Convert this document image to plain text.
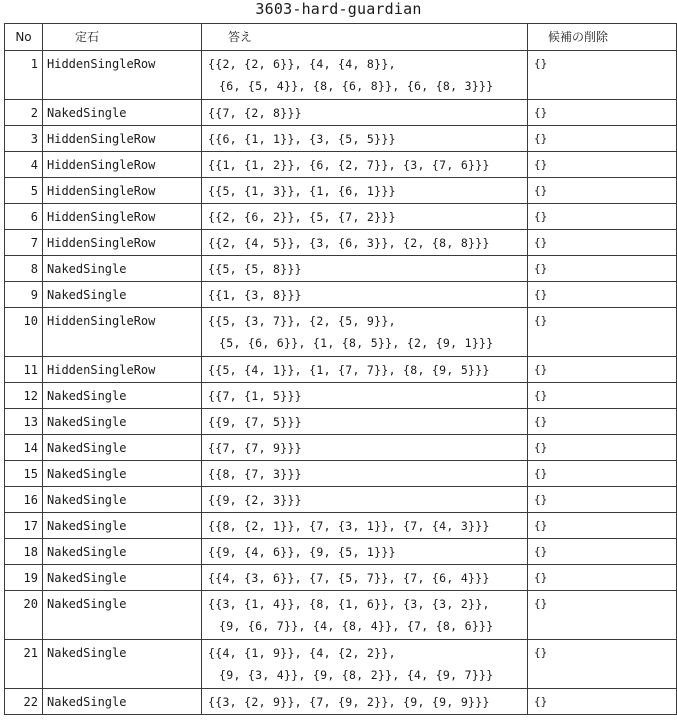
3603-hard-guardian
No	定石	答え	候補の削除
1	HiddenSingleRow	{{2, {2, 6}}, {4, {4, 8}},
{6, {5, 4}}, {8, {6, 8}}, {6, {8, 3}}}	{}
2	NakedSingle	{{7, {2, 8}}}	{}
3	HiddenSingleRow	{{6, {1, 1}}, {3, {5, 5}}}	{}
4	HiddenSingleRow	{{1, {1, 2}}, {6, {2, 7}}, {3, {7, 6}}}	{}
5	HiddenSingleRow	{{5, {1, 3}}, {1, {6, 1}}}	{}
6	HiddenSingleRow	{{2, {6, 2}}, {5, {7, 2}}}	{}
7	HiddenSingleRow	{{2, {4, 5}}, {3, {6, 3}}, {2, {8, 8}}}	{}
8	NakedSingle	{{5, {5, 8}}}	{}
9	NakedSingle	{{1, {3, 8}}}	{}
10	HiddenSingleRow	{{5, {3, 7}}, {2, {5, 9}},
{5, {6, 6}}, {1, {8, 5}}, {2, {9, 1}}}	{}
11	HiddenSingleRow	{{5, {4, 1}}, {1, {7, 7}}, {8, {9, 5}}}	{}
12	NakedSingle	{{7, {1, 5}}}	{}
13	NakedSingle	{{9, {7, 5}}}	{}
14	NakedSingle	{{7, {7, 9}}}	{}
15	NakedSingle	{{8, {7, 3}}}	{}
16	NakedSingle	{{9, {2, 3}}}	{}
17	NakedSingle	{{8, {2, 1}}, {7, {3, 1}}, {7, {4, 3}}}	{}
18	NakedSingle	{{9, {4, 6}}, {9, {5, 1}}}	{}
19	NakedSingle	{{4, {3, 6}}, {7, {5, 7}}, {7, {6, 4}}}	{}
20	NakedSingle	{{3, {1, 4}}, {8, {1, 6}}, {3, {3, 2}},
{9, {6, 7}}, {4, {8, 4}}, {7, {8, 6}}}	{}
21	NakedSingle	{{4, {1, 9}}, {4, {2, 2}},
{9, {3, 4}}, {9, {8, 2}}, {4, {9, 7}}}	{}
22	NakedSingle	{{3, {2, 9}}, {7, {9, 2}}, {9, {9, 9}}}	{}
